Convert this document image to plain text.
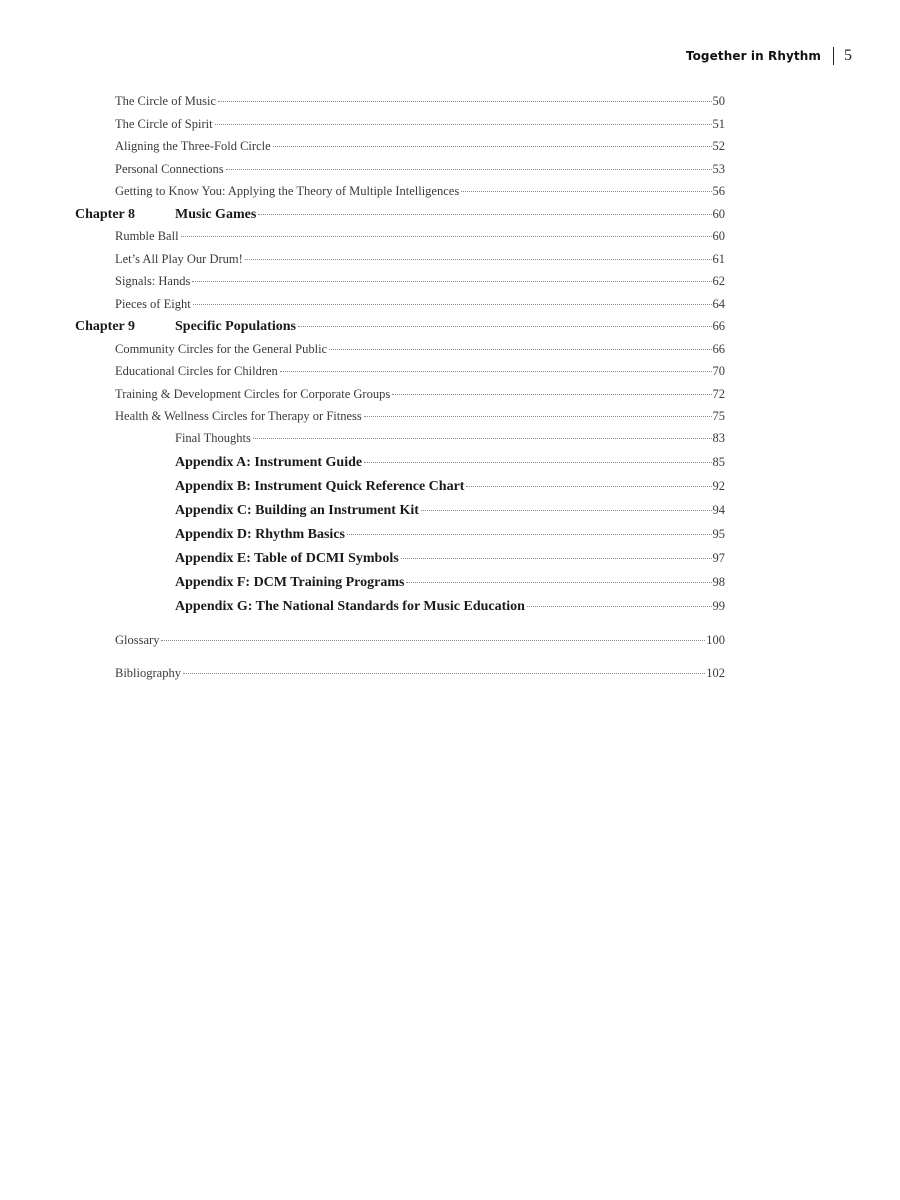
Together in Rhythm 5
The Circle of Music	50
The Circle of Spirit	51
Aligning the Three-Fold Circle	52
Personal Connections	53
Getting to Know You: Applying the Theory of Multiple Intelligences	56
Chapter 8	Music Games	60
Rumble Ball	60
Let’s All Play Our Drum!	61
Signals: Hands	62
Pieces of Eight	64
Chapter 9	Specific Populations	66
Community Circles for the General Public	66
Educational Circles for Children	70
Training & Development Circles for Corporate Groups	72
Health & Wellness Circles for Therapy or Fitness	75
Final Thoughts	83
Appendix A: Instrument Guide	85
Appendix B: Instrument Quick Reference Chart	92
Appendix C: Building an Instrument Kit	94
Appendix D: Rhythm Basics	95
Appendix E: Table of DCMI Symbols	97
Appendix F: DCM Training Programs	98
Appendix G: The National Standards for Music Education	99
Glossary	100
Bibliography	102
